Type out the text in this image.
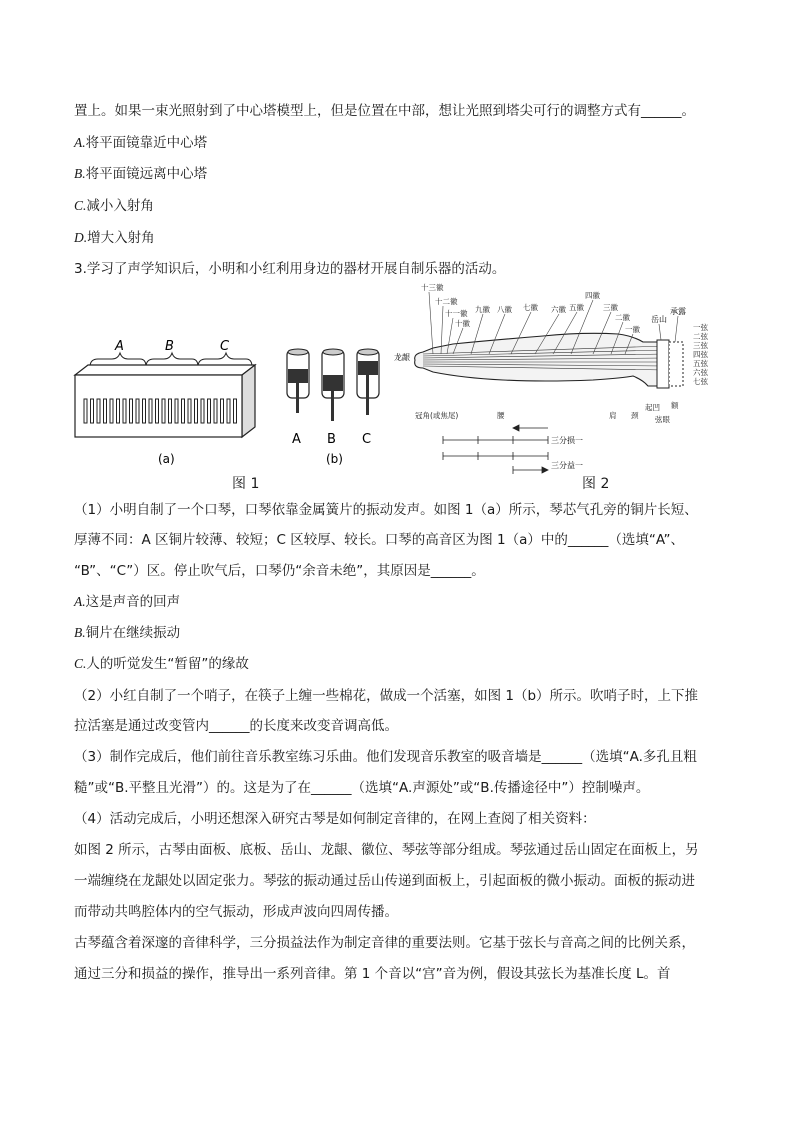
置上。如果一束光照射到了中心塔模型上，但是位置在中部，想让光照到塔尖可行的调整方式有______。
A.将平面镜靠近中心塔
B.将平面镜远离中心塔
C.减小入射角
D.增大入射角
3.学习了声学知识后，小明和小红利用身边的器材开展自制乐器的活动。
A	B	C
(a)
A B C
(b)
图 1
十三徽
十二徽
十一徽
十徽
九徽 八徽 七徽 六徽 五徽
四徽
三徽
二徽
一徽
岳山
承露
一弦
二弦
三弦
四弦
五弦
六弦
七弦
龙龈
冠角(或焦尾)	腰	肩 颈
额
起凹
弦眼
三分损一
三分益一
图 2
（1）小明自制了一个口琴，口琴依靠金属簧片的振动发声。如图 1（a）所示，琴芯气孔旁的铜片长短、
厚薄不同：A 区铜片较薄、较短；C 区较厚、较长。口琴的高音区为图 1（a）中的______（选填“A”、
“B”、“C”）区。停止吹气后，口琴仍“余音未绝”，其原因是______。
A.这是声音的回声
B.铜片在继续振动
C.人的听觉发生“暂留”的缘故
（2）小红自制了一个哨子，在筷子上缠一些棉花，做成一个活塞，如图 1（b）所示。吹哨子时，上下推
拉活塞是通过改变管内______的长度来改变音调高低。
（3）制作完成后，他们前往音乐教室练习乐曲。他们发现音乐教室的吸音墙是______（选填“A.多孔且粗
糙”或“B.平整且光滑”）的。这是为了在______（选填“A.声源处”或“B.传播途径中”）控制噪声。
（4）活动完成后，小明还想深入研究古琴是如何制定音律的，在网上查阅了相关资料：
如图 2 所示，古琴由面板、底板、岳山、龙龈、徽位、琴弦等部分组成。琴弦通过岳山固定在面板上，另
一端缠绕在龙龈处以固定张力。琴弦的振动通过岳山传递到面板上，引起面板的微小振动。面板的振动进
而带动共鸣腔体内的空气振动，形成声波向四周传播。
古琴蕴含着深邃的音律科学，三分损益法作为制定音律的重要法则。它基于弦长与音高之间的比例关系，
通过三分和损益的操作，推导出一系列音律。第 1 个音以“宫”音为例，假设其弦长为基准长度 L。首
